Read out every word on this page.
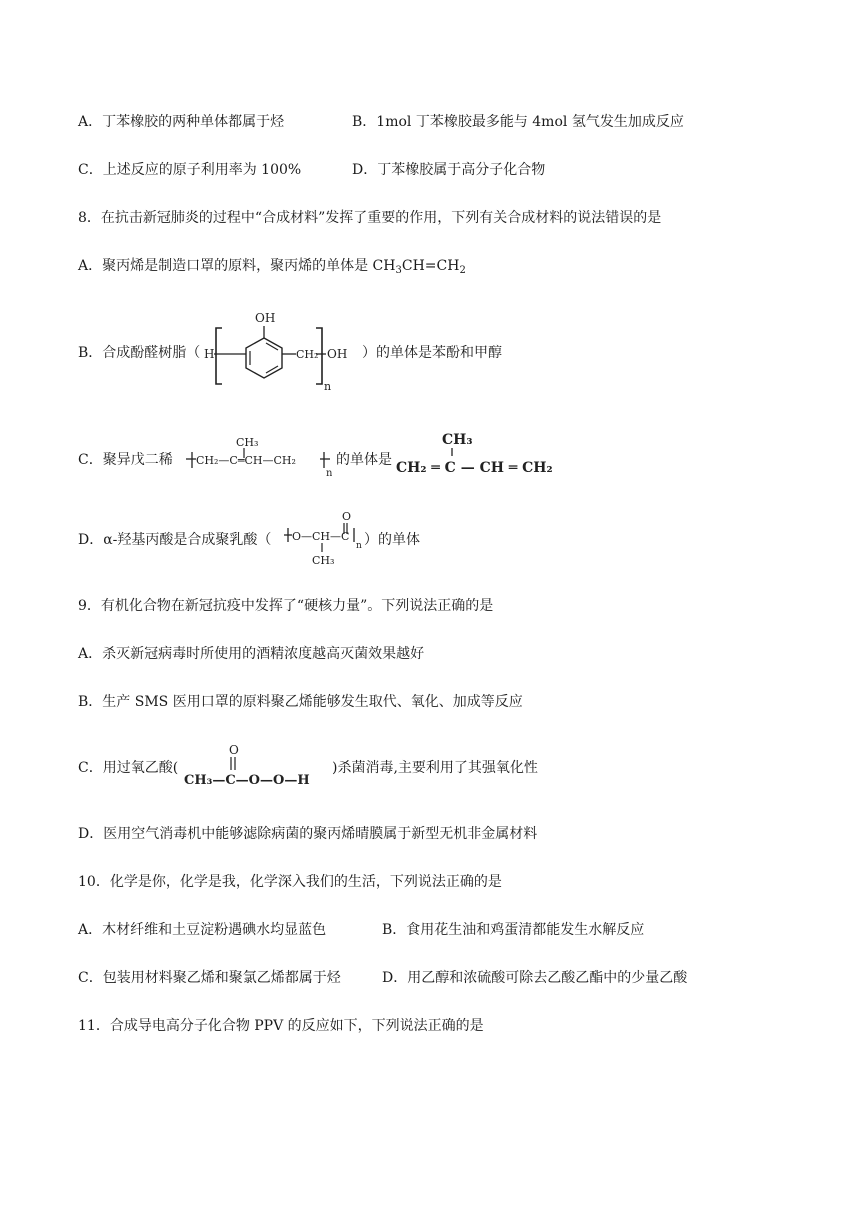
A．丁苯橡胶的两种单体都属于烃	B．1mol 丁苯橡胶最多能与 4mol 氢气发生加成反应
C．上述反应的原子利用率为 100%	D．丁苯橡胶属于高分子化合物
8．在抗击新冠肺炎的过程中“合成材料”发挥了重要的作用，下列有关合成材料的说法错误的是
A．聚丙烯是制造口罩的原料，聚丙烯的单体是 $CH_3CH=CH_2$
B．合成酚醛树脂（
OH
H	CH₂ OH
n
）的单体是苯酚和甲醇
C．聚异戊二稀
CH₃
CH₂—C═CH—CH₂
n
的单体是
CH₃
CH₂ ═ C — CH ═ CH₂
D．α-羟基丙酸是合成聚乳酸（
O
O—CH—C
n
CH₃
）的单体
9．有机化合物在新冠抗疫中发挥了“硬核力量”。下列说法正确的是
A．杀灭新冠病毒时所使用的酒精浓度越高灭菌效果越好
B．生产 SMS 医用口罩的原料聚乙烯能够发生取代、氧化、加成等反应
C．用过氧乙酸(
O
CH₃—C—O—O—H
)杀菌消毒,主要利用了其强氧化性
D．医用空气消毒机中能够滤除病菌的聚丙烯晴膜属于新型无机非金属材料
10．化学是你，化学是我，化学深入我们的生活，下列说法正确的是
A．木材纤维和土豆淀粉遇碘水均显蓝色	B．食用花生油和鸡蛋清都能发生水解反应
C．包装用材料聚乙烯和聚氯乙烯都属于烃	D．用乙醇和浓硫酸可除去乙酸乙酯中的少量乙酸
11．合成导电高分子化合物 PPV 的反应如下，下列说法正确的是
